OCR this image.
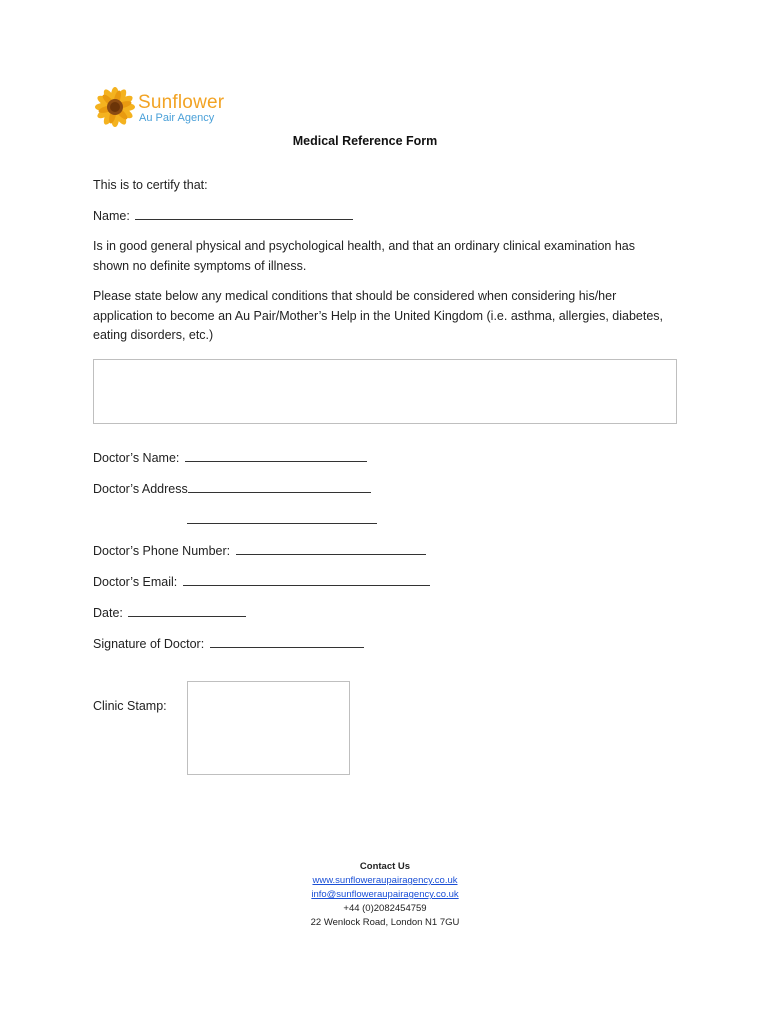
Sunflower
Au Pair Agency
Medical Reference Form
This is to certify that:
Name:
Is in good general physical and psychological health, and that an ordinary clinical examination has shown no definite symptoms of illness.
Please state below any medical conditions that should be considered when considering his/her application to become an Au Pair/Mother’s Help in the United Kingdom (i.e. asthma, allergies, diabetes, eating disorders, etc.)
Doctor’s Name:
Doctor’s Address
Doctor’s Phone Number:
Doctor’s Email:
Date:
Signature of Doctor:
Clinic Stamp:
Contact Us
www.sunfloweraupairagency.co.uk
info@sunfloweraupairagency.co.uk
+44 (0)2082454759
22 Wenlock Road, London N1 7GU
